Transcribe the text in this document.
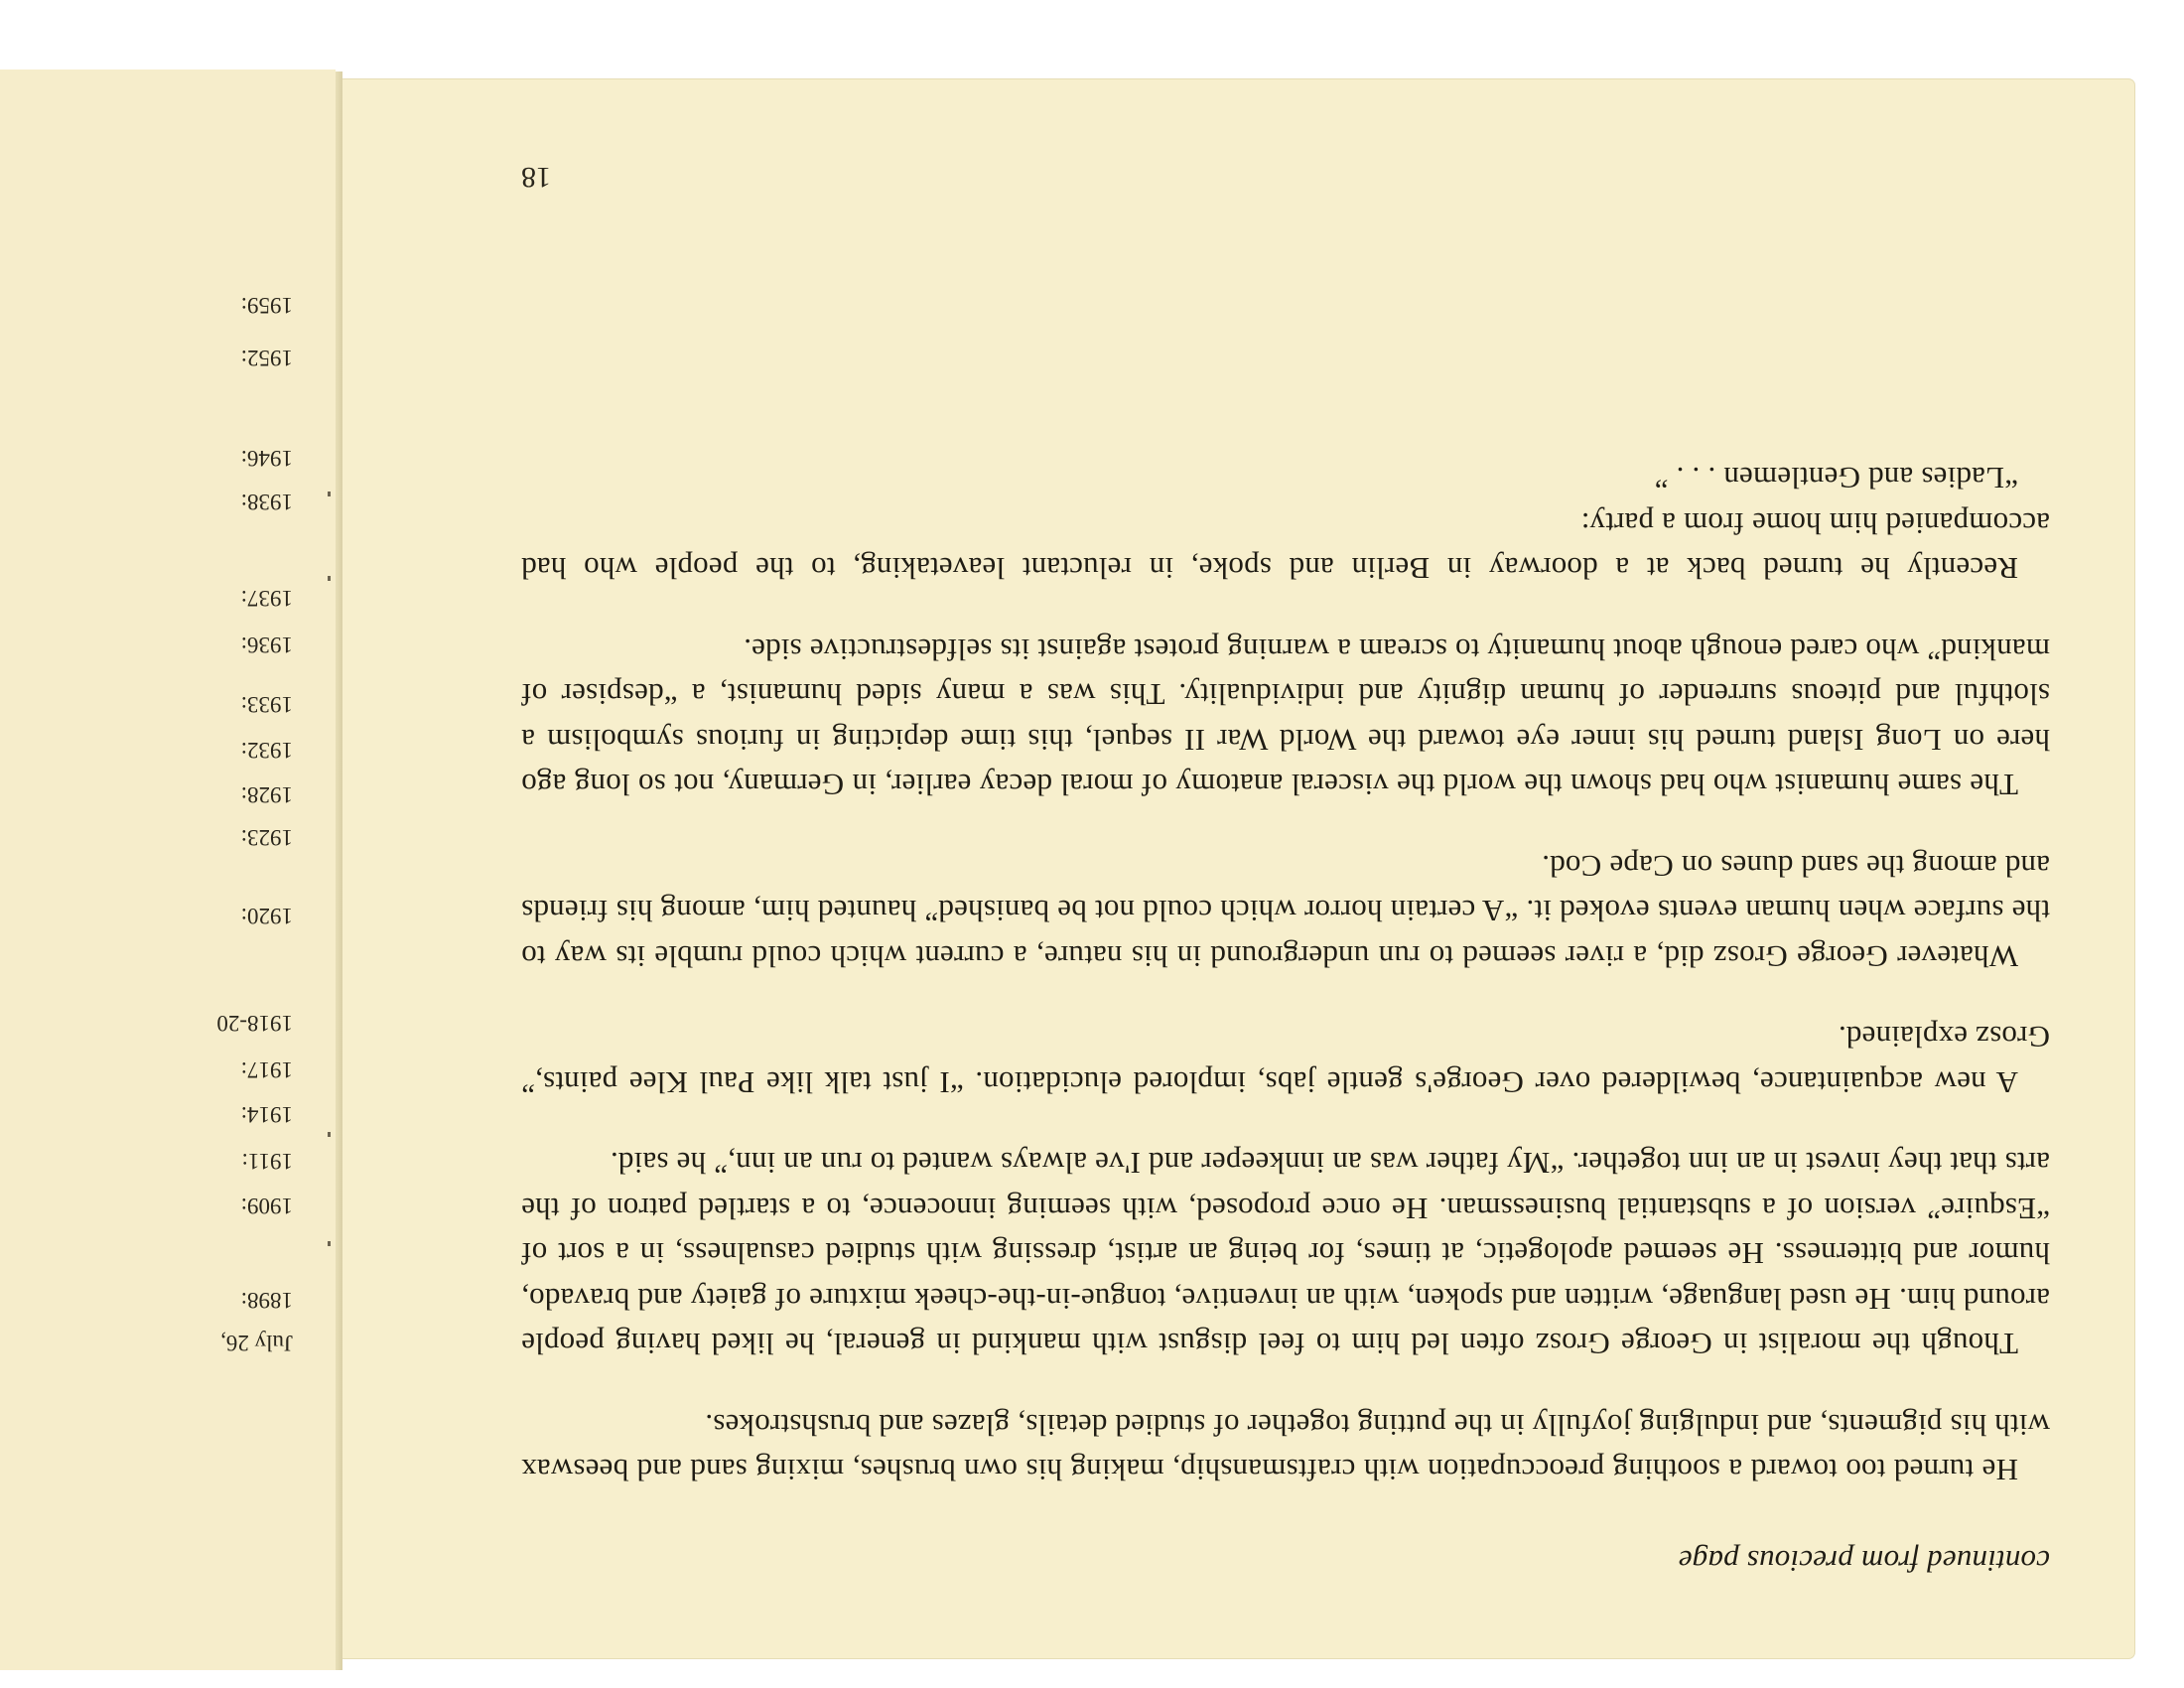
continued from precious page

He turned too toward a soothing preoccupation with craftsmanship, making his own brushes, mixing sand and beeswax with his pigments, and indulging joyfully in the putting together of studied details, glazes and brushstrokes.

Though the moralist in George Grosz often led him to feel disgust with mankind in general, he liked having people around him. He used language, written and spoken, with an inventive, tongue-in-the-cheek mixture of gaiety and bravado, humor and bitterness. He seemed apologetic, at times, for being an artist, dressing with studied casualness, in a sort of “Esquire” version of a substantial businessman. He once proposed, with seeming innocence, to a startled patron of the arts that they invest in an inn together. “My father was an innkeeper and I've always wanted to run an inn,” he said.

A new acquaintance, bewildered over George's gentle jabs, implored elucidation. “I just talk like Paul Klee paints,” Grosz explained.

Whatever George Grosz did, a river seemed to run underground in his nature, a current which could rumble its way to the surface when human events evoked it. “A certain horror which could not be banished” haunted him, among his friends and among the sand dunes on Cape Cod.

The same humanist who had shown the world the visceral anatomy of moral decay earlier, in Germany, not so long ago here on Long Island turned his inner eye toward the World War II sequel, this time depicting in furious symbolism a slothful and piteous surrender of human dignity and individuality. This was a many sided humanist, a “despiser of mankind” who cared enough about humanity to scream a warning protest against its selfdestructive side.

Recently he turned back at a doorway in Berlin and spoke, in reluctant leavetaking, to the people who had accompanied him home from a party:

“Ladies and Gentlemen . . . ”

18
July 26,
1898:
1909:
1911:
1914:
1917:
1918-20
1920:
1923:
1928:
1932:
1933:
1936:
1937:
1938:
1946:
1952:
1959:
